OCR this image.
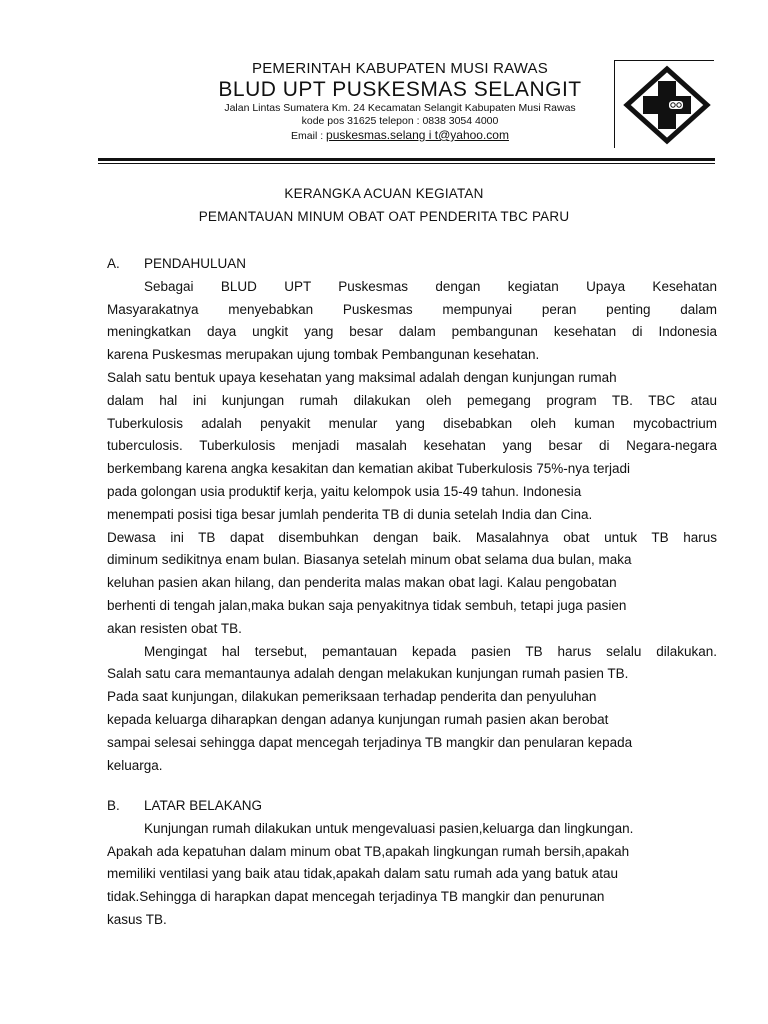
PEMERINTAH KABUPATEN MUSI RAWAS
BLUD UPT PUSKESMAS SELANGIT
Jalan Lintas Sumatera Km. 24 Kecamatan Selangit Kabupaten Musi Rawas
kode pos 31625 telepon : 0838 3054 4000
Email : puskesmas.selang i t@yahoo.com
KERANGKA ACUAN KEGIATAN
PEMANTAUAN MINUM OBAT OAT PENDERITA TBC PARU
A.	PENDAHULUAN
Sebagai BLUD UPT Puskesmas dengan kegiatan Upaya Kesehatan
Masyarakatnya menyebabkan Puskesmas mempunyai peran penting dalam
meningkatkan daya ungkit yang besar dalam pembangunan kesehatan di Indonesia
karena Puskesmas merupakan ujung tombak Pembangunan kesehatan.
Salah satu bentuk upaya kesehatan yang maksimal adalah dengan kunjungan rumah
dalam hal ini kunjungan rumah dilakukan oleh pemegang program TB. TBC atau
Tuberkulosis adalah penyakit menular yang disebabkan oleh kuman mycobactrium
tuberculosis. Tuberkulosis menjadi masalah kesehatan yang besar di Negara-negara
berkembang karena angka kesakitan dan kematian akibat Tuberkulosis 75%-nya terjadi
pada golongan usia produktif kerja, yaitu kelompok usia 15-49 tahun. Indonesia
menempati posisi tiga besar jumlah penderita TB di dunia setelah India dan Cina.
Dewasa ini TB dapat disembuhkan dengan baik. Masalahnya obat untuk TB harus
diminum sedikitnya enam bulan. Biasanya setelah minum obat selama dua bulan, maka
keluhan pasien akan hilang, dan penderita malas makan obat lagi. Kalau pengobatan
berhenti di tengah jalan,maka bukan saja penyakitnya tidak sembuh, tetapi juga pasien
akan resisten obat TB.
Mengingat hal tersebut, pemantauan kepada pasien TB harus selalu dilakukan.
Salah satu cara memantaunya adalah dengan melakukan kunjungan rumah pasien TB.
Pada saat kunjungan, dilakukan pemeriksaan terhadap penderita dan penyuluhan
kepada keluarga diharapkan dengan adanya kunjungan rumah pasien akan berobat
sampai selesai sehingga dapat mencegah terjadinya TB mangkir dan penularan kepada
keluarga.
B.	LATAR BELAKANG
Kunjungan rumah dilakukan untuk mengevaluasi pasien,keluarga dan lingkungan.
Apakah ada kepatuhan dalam minum obat TB,apakah lingkungan rumah bersih,apakah
memiliki ventilasi yang baik atau tidak,apakah dalam satu rumah ada yang batuk atau
tidak.Sehingga di harapkan dapat mencegah terjadinya TB mangkir dan penurunan
kasus TB.
